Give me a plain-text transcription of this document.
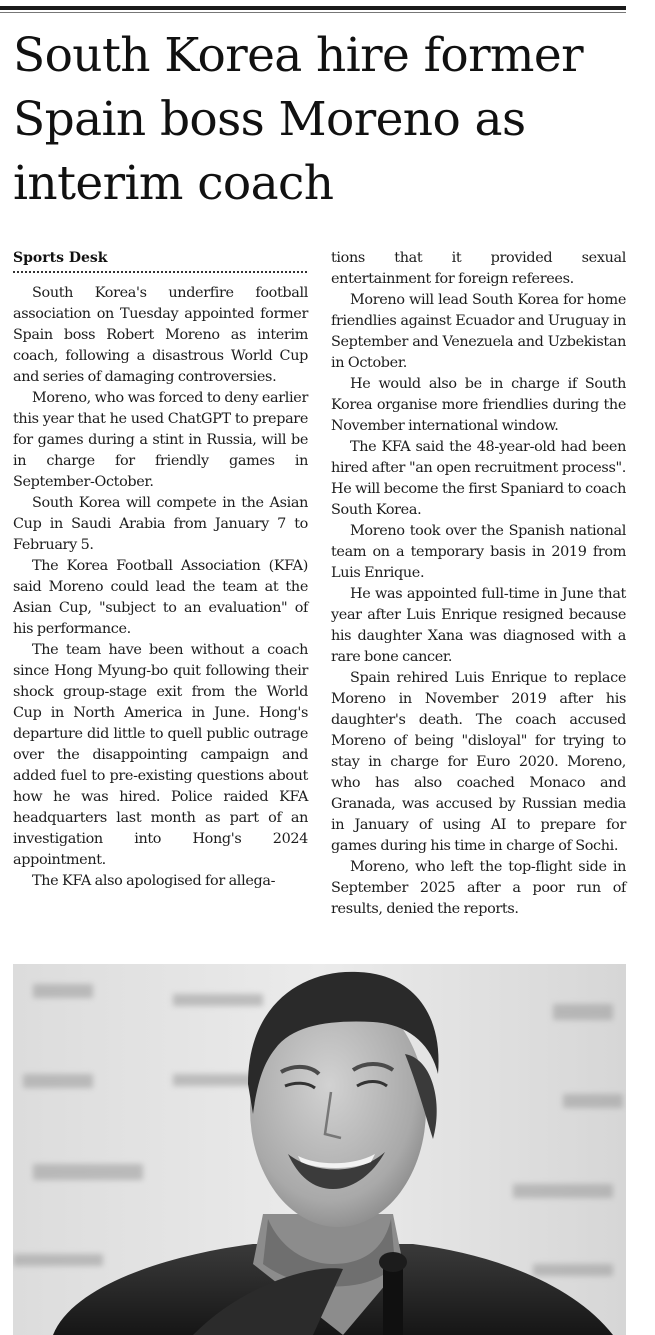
South Korea hire former Spain boss Moreno as interim coach
Sports Desk

South Korea's underfire football association on Tuesday appointed former Spain boss Robert Moreno as interim coach, following a disastrous World Cup and series of damaging controversies.

Moreno, who was forced to deny earlier this year that he used ChatGPT to prepare for games during a stint in Russia, will be in charge for friendly games in September-October.

South Korea will compete in the Asian Cup in Saudi Arabia from January 7 to February 5.

The Korea Football Association (KFA) said Moreno could lead the team at the Asian Cup, "subject to an evaluation" of his performance.

The team have been without a coach since Hong Myung-bo quit following their shock group-stage exit from the World Cup in North America in June. Hong's departure did little to quell public outrage over the disappointing campaign and added fuel to pre-existing questions about how he was hired. Police raided KFA headquarters last month as part of an investigation into Hong's 2024 appointment.

The KFA also apologised for allega-

tions that it provided sexual entertainment for foreign referees.

Moreno will lead South Korea for home friendlies against Ecuador and Uruguay in September and Venezuela and Uzbekistan in October.

He would also be in charge if South Korea organise more friendlies during the November international window.

The KFA said the 48-year-old had been hired after "an open recruitment process". He will become the first Spaniard to coach South Korea.

Moreno took over the Spanish national team on a temporary basis in 2019 from Luis Enrique.

He was appointed full-time in June that year after Luis Enrique resigned because his daughter Xana was diagnosed with a rare bone cancer.

Spain rehired Luis Enrique to replace Moreno in November 2019 after his daughter's death. The coach accused Moreno of being "disloyal" for trying to stay in charge for Euro 2020. Moreno, who has also coached Monaco and Granada, was accused by Russian media in January of using AI to prepare for games during his time in charge of Sochi.

Moreno, who left the top-flight side in September 2025 after a poor run of results, denied the reports.
